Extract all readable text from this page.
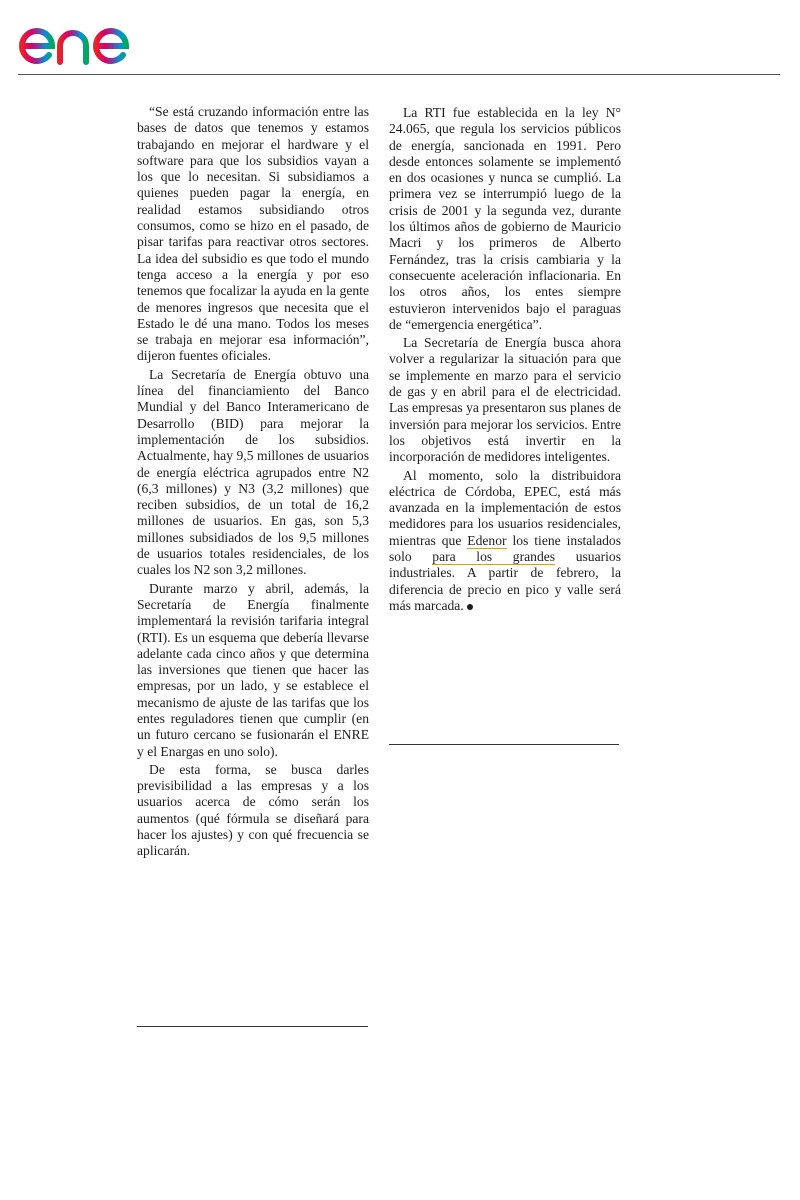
“Se está cruzando información entre las bases de datos que tenemos y estamos trabajando en mejorar el hardware y el software para que los subsidios vayan a los que lo necesitan. Si subsidiamos a quienes pueden pagar la energía, en realidad estamos subsidiando otros consumos, como se hizo en el pasado, de pisar tarifas para reactivar otros sectores. La idea del subsidio es que todo el mundo tenga acceso a la energía y por eso tenemos que focalizar la ayuda en la gente de menores ingresos que necesita que el Estado le dé una mano. Todos los meses se trabaja en mejorar esa información”, dijeron fuentes oficiales.

La Secretaría de Energía obtuvo una línea del financiamiento del Banco Mundial y del Banco Interamericano de Desarrollo (BID) para mejorar la implementación de los subsidios. Actualmente, hay 9,5 millones de usuarios de energía eléctrica agrupados entre N2 (6,3 millones) y N3 (3,2 millones) que reciben subsidios, de un total de 16,2 millones de usuarios. En gas, son 5,3 millones subsidiados de los 9,5 millones de usuarios totales residenciales, de los cuales los N2 son 3,2 millones.

Durante marzo y abril, además, la Secretaría de Energía finalmente implementará la revisión tarifaria integral (RTI). Es un esquema que debería llevarse adelante cada cinco años y que determina las inversiones que tienen que hacer las empresas, por un lado, y se establece el mecanismo de ajuste de las tarifas que los entes reguladores tienen que cumplir (en un futuro cercano se fusionarán el ENRE y el Enargas en uno solo).

De esta forma, se busca darles previsibilidad a las empresas y a los usuarios acerca de cómo serán los aumentos (qué fórmula se diseñará para hacer los ajustes) y con qué frecuencia se aplicarán.

La RTI fue establecida en la ley N° 24.065, que regula los servicios públicos de energía, sancionada en 1991. Pero desde entonces solamente se implementó en dos ocasiones y nunca se cumplió. La primera vez se interrumpió luego de la crisis de 2001 y la segunda vez, durante los últimos años de gobierno de Mauricio Macri y los primeros de Alberto Fernández, tras la crisis cambiaria y la consecuente aceleración inflacionaria. En los otros años, los entes siempre estuvieron intervenidos bajo el paraguas de “emergencia energética”.

La Secretaría de Energía busca ahora volver a regularizar la situación para que se implemente en marzo para el servicio de gas y en abril para el de electricidad. Las empresas ya presentaron sus planes de inversión para mejorar los servicios. Entre los objetivos está invertir en la incorporación de medidores inteligentes.

Al momento, solo la distribuidora eléctrica de Córdoba, EPEC, está más avanzada en la implementación de estos medidores para los usuarios residenciales, mientras que Edenor los tiene instalados solo para los grandes usuarios industriales. A partir de febrero, la diferencia de precio en pico y valle será más marcada.
